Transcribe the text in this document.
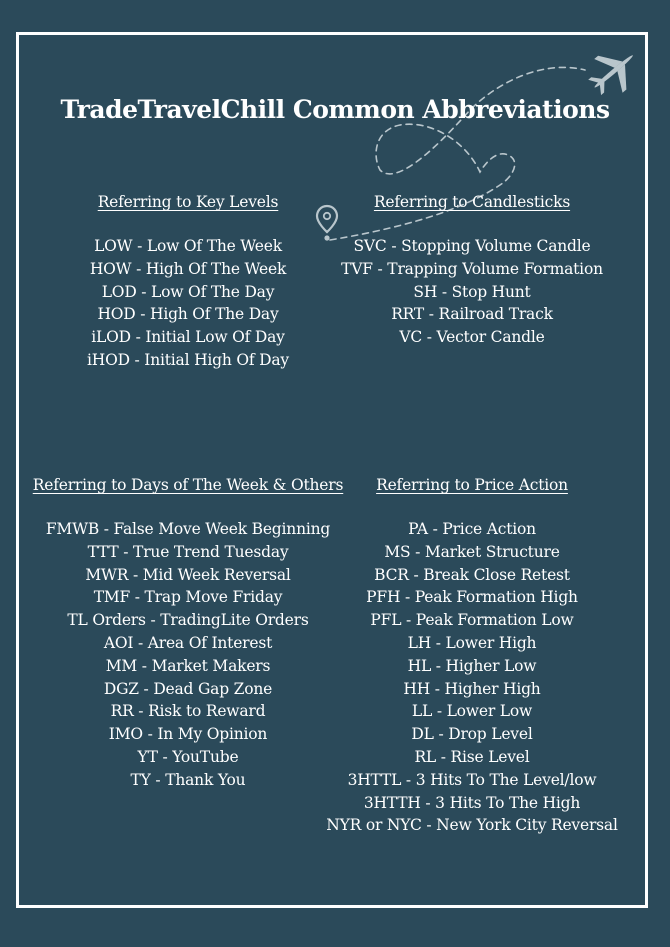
TradeTravelChill Common Abbreviations

Referring to Key Levels

LOW - Low Of The Week
HOW - High Of The Week
LOD - Low Of The Day
HOD - High Of The Day
iLOD - Initial Low Of Day
iHOD - Initial High Of Day

Referring to Candlesticks

SVC - Stopping Volume Candle
TVF - Trapping Volume Formation
SH - Stop Hunt
RRT - Railroad Track
VC - Vector Candle

Referring to Days of The Week & Others

FMWB - False Move Week Beginning
TTT - True Trend Tuesday
MWR - Mid Week Reversal
TMF - Trap Move Friday
TL Orders - TradingLite Orders
AOI - Area Of Interest
MM - Market Makers
DGZ - Dead Gap Zone
RR - Risk to Reward
IMO - In My Opinion
YT - YouTube
TY - Thank You

Referring to Price Action

PA - Price Action
MS - Market Structure
BCR - Break Close Retest
PFH - Peak Formation High
PFL - Peak Formation Low
LH - Lower High
HL - Higher Low
HH - Higher High
LL - Lower Low
DL - Drop Level
RL - Rise Level
3HTTL - 3 Hits To The Level/low
3HTTH - 3 Hits To The High
NYR or NYC - New York City Reversal
